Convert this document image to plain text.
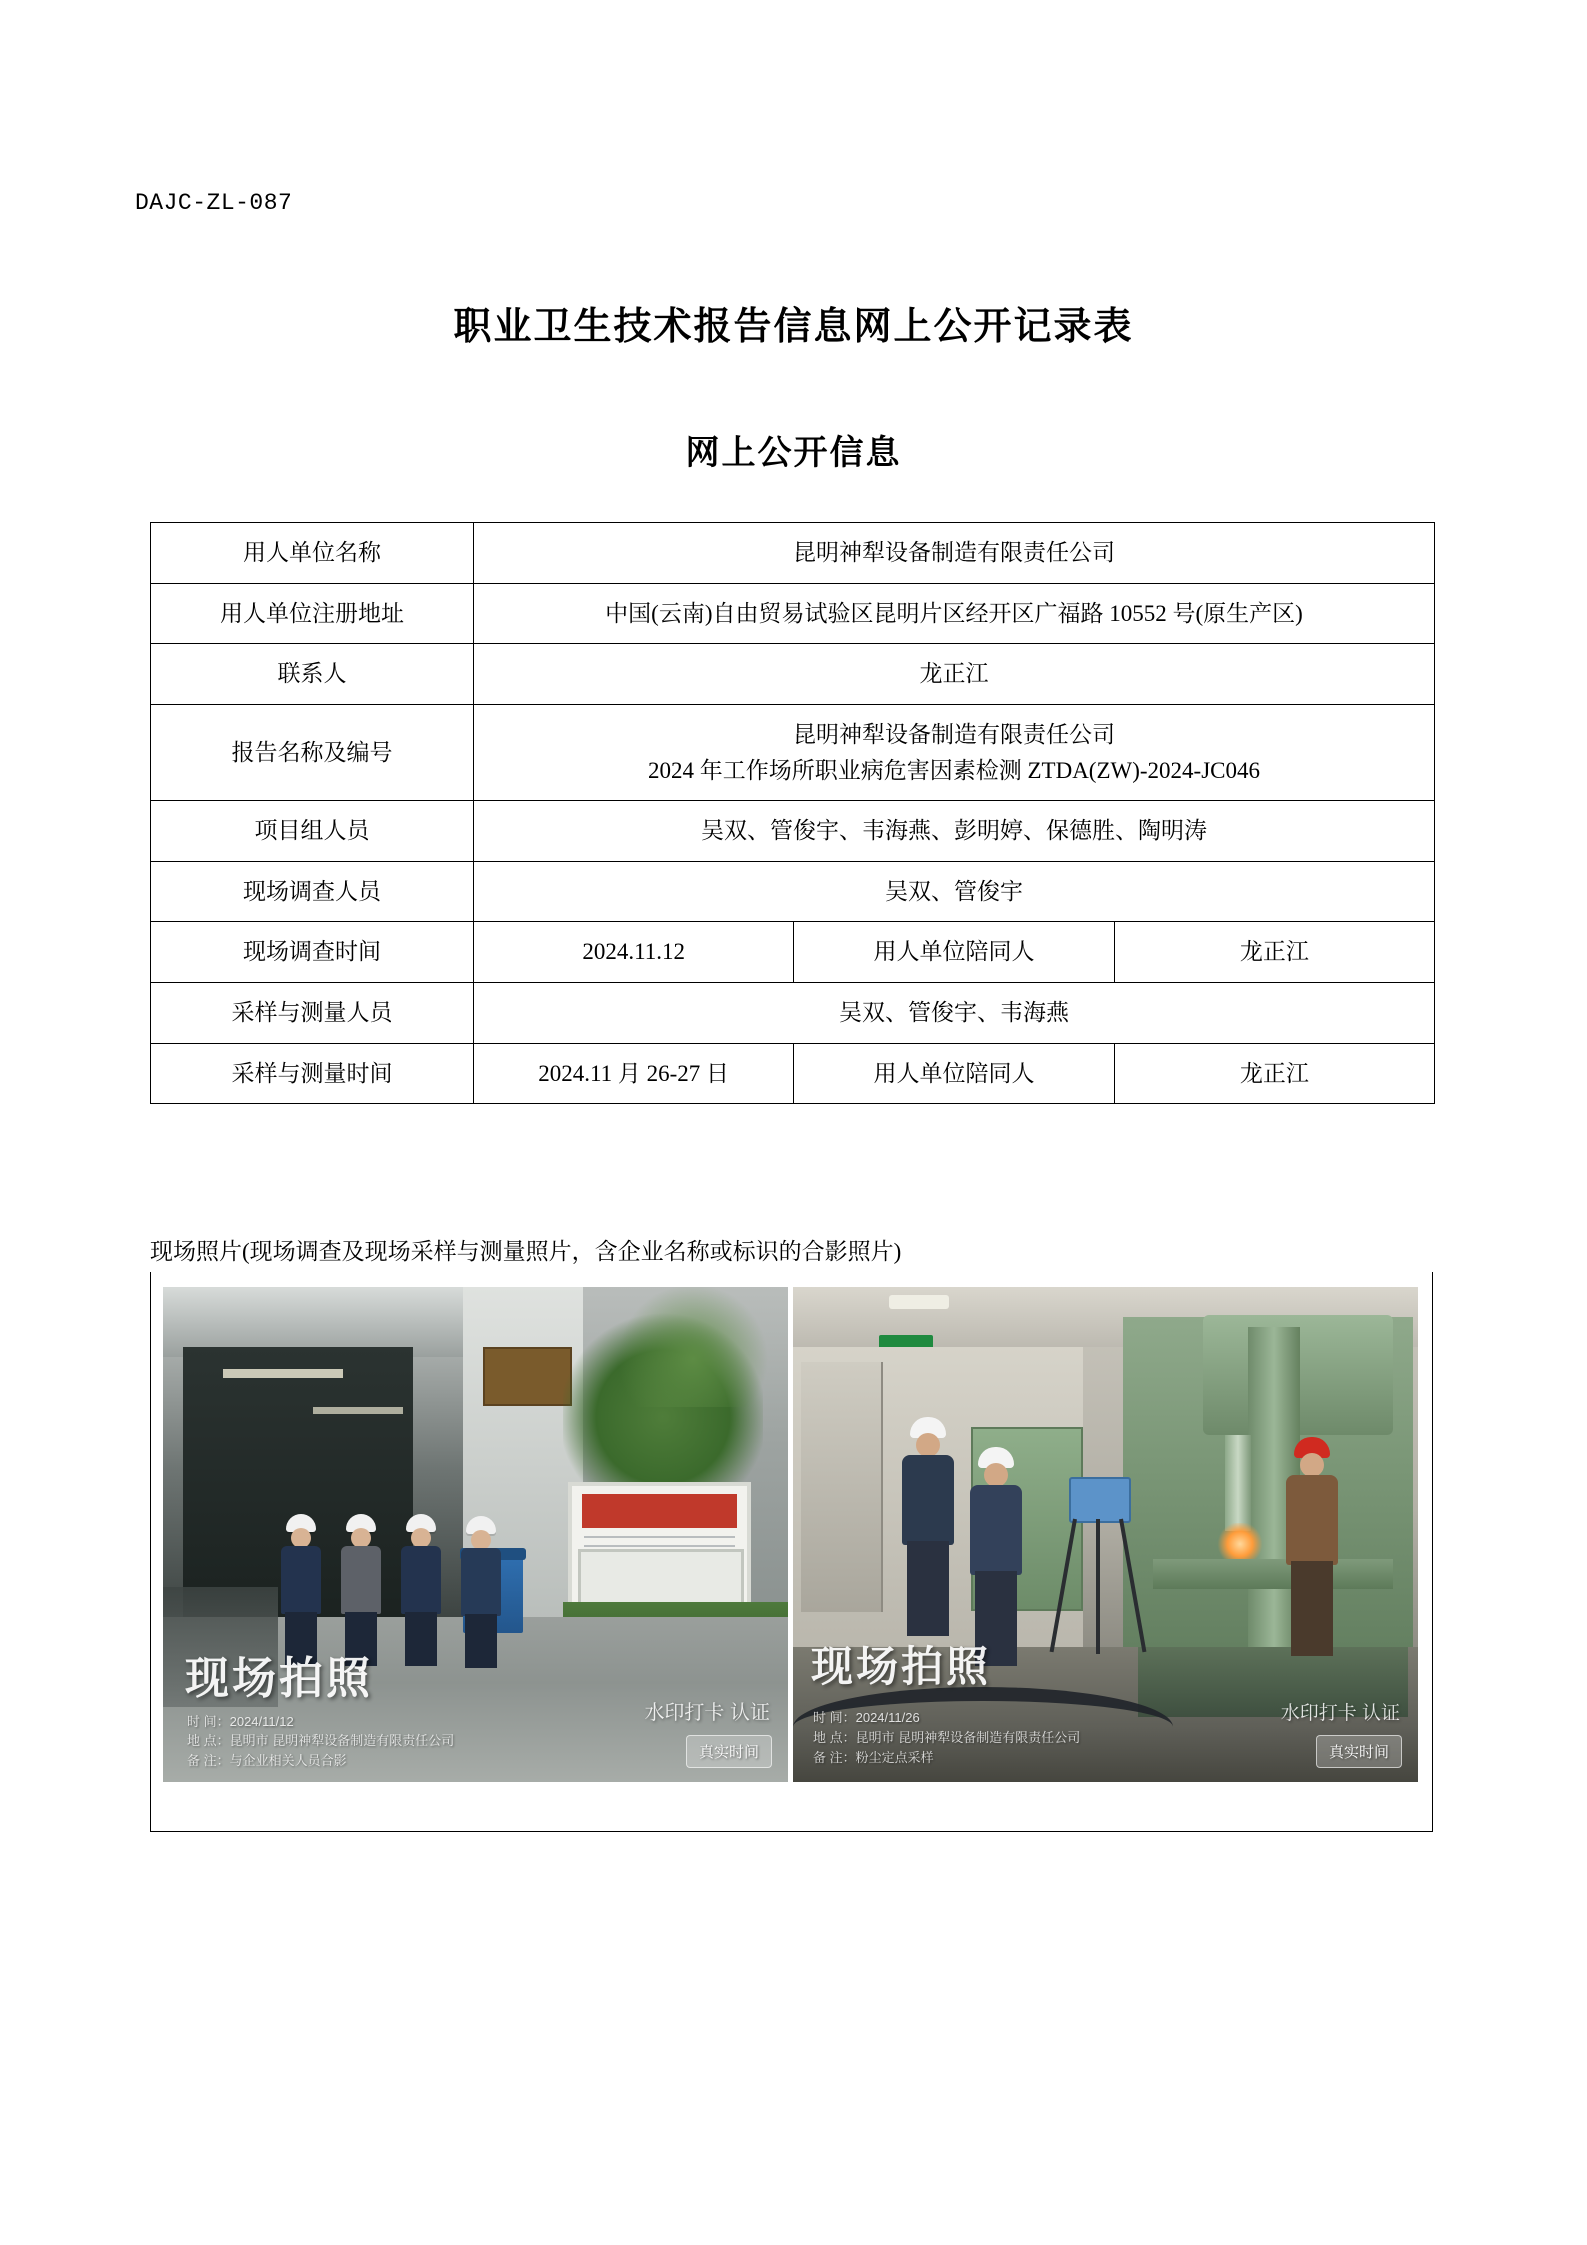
DAJC-ZL-087
职业卫生技术报告信息网上公开记录表
网上公开信息
用人单位名称	昆明神犁设备制造有限责任公司		
用人单位注册地址	中国(云南)自由贸易试验区昆明片区经开区广福路 10552 号(原生产区)		
联系人	龙正江		
报告名称及编号	昆明神犁设备制造有限责任公司
2024 年工作场所职业病危害因素检测 ZTDA(ZW)-2024-JC046		

项目组人员	吴双、管俊宇、韦海燕、彭明婷、保德胜、陶明涛		
现场调查人员	吴双、管俊宇		
现场调查时间	2024.11.12	用人单位陪同人	龙正江
采样与测量人员	吴双、管俊宇、韦海燕		
采样与测量时间	2024.11 月 26-27 日	用人单位陪同人	龙正江
现场照片(现场调查及现场采样与测量照片，含企业名称或标识的合影照片)
现场拍照
时 间：2024/11/12
地 点：昆明市 昆明神犁设备制造有限责任公司
备 注：与企业相关人员合影
水印打卡 认证
真实时间
现场拍照
时 间：2024/11/26
地 点：昆明市 昆明神犁设备制造有限责任公司
备 注：粉尘定点采样
水印打卡 认证
真实时间
